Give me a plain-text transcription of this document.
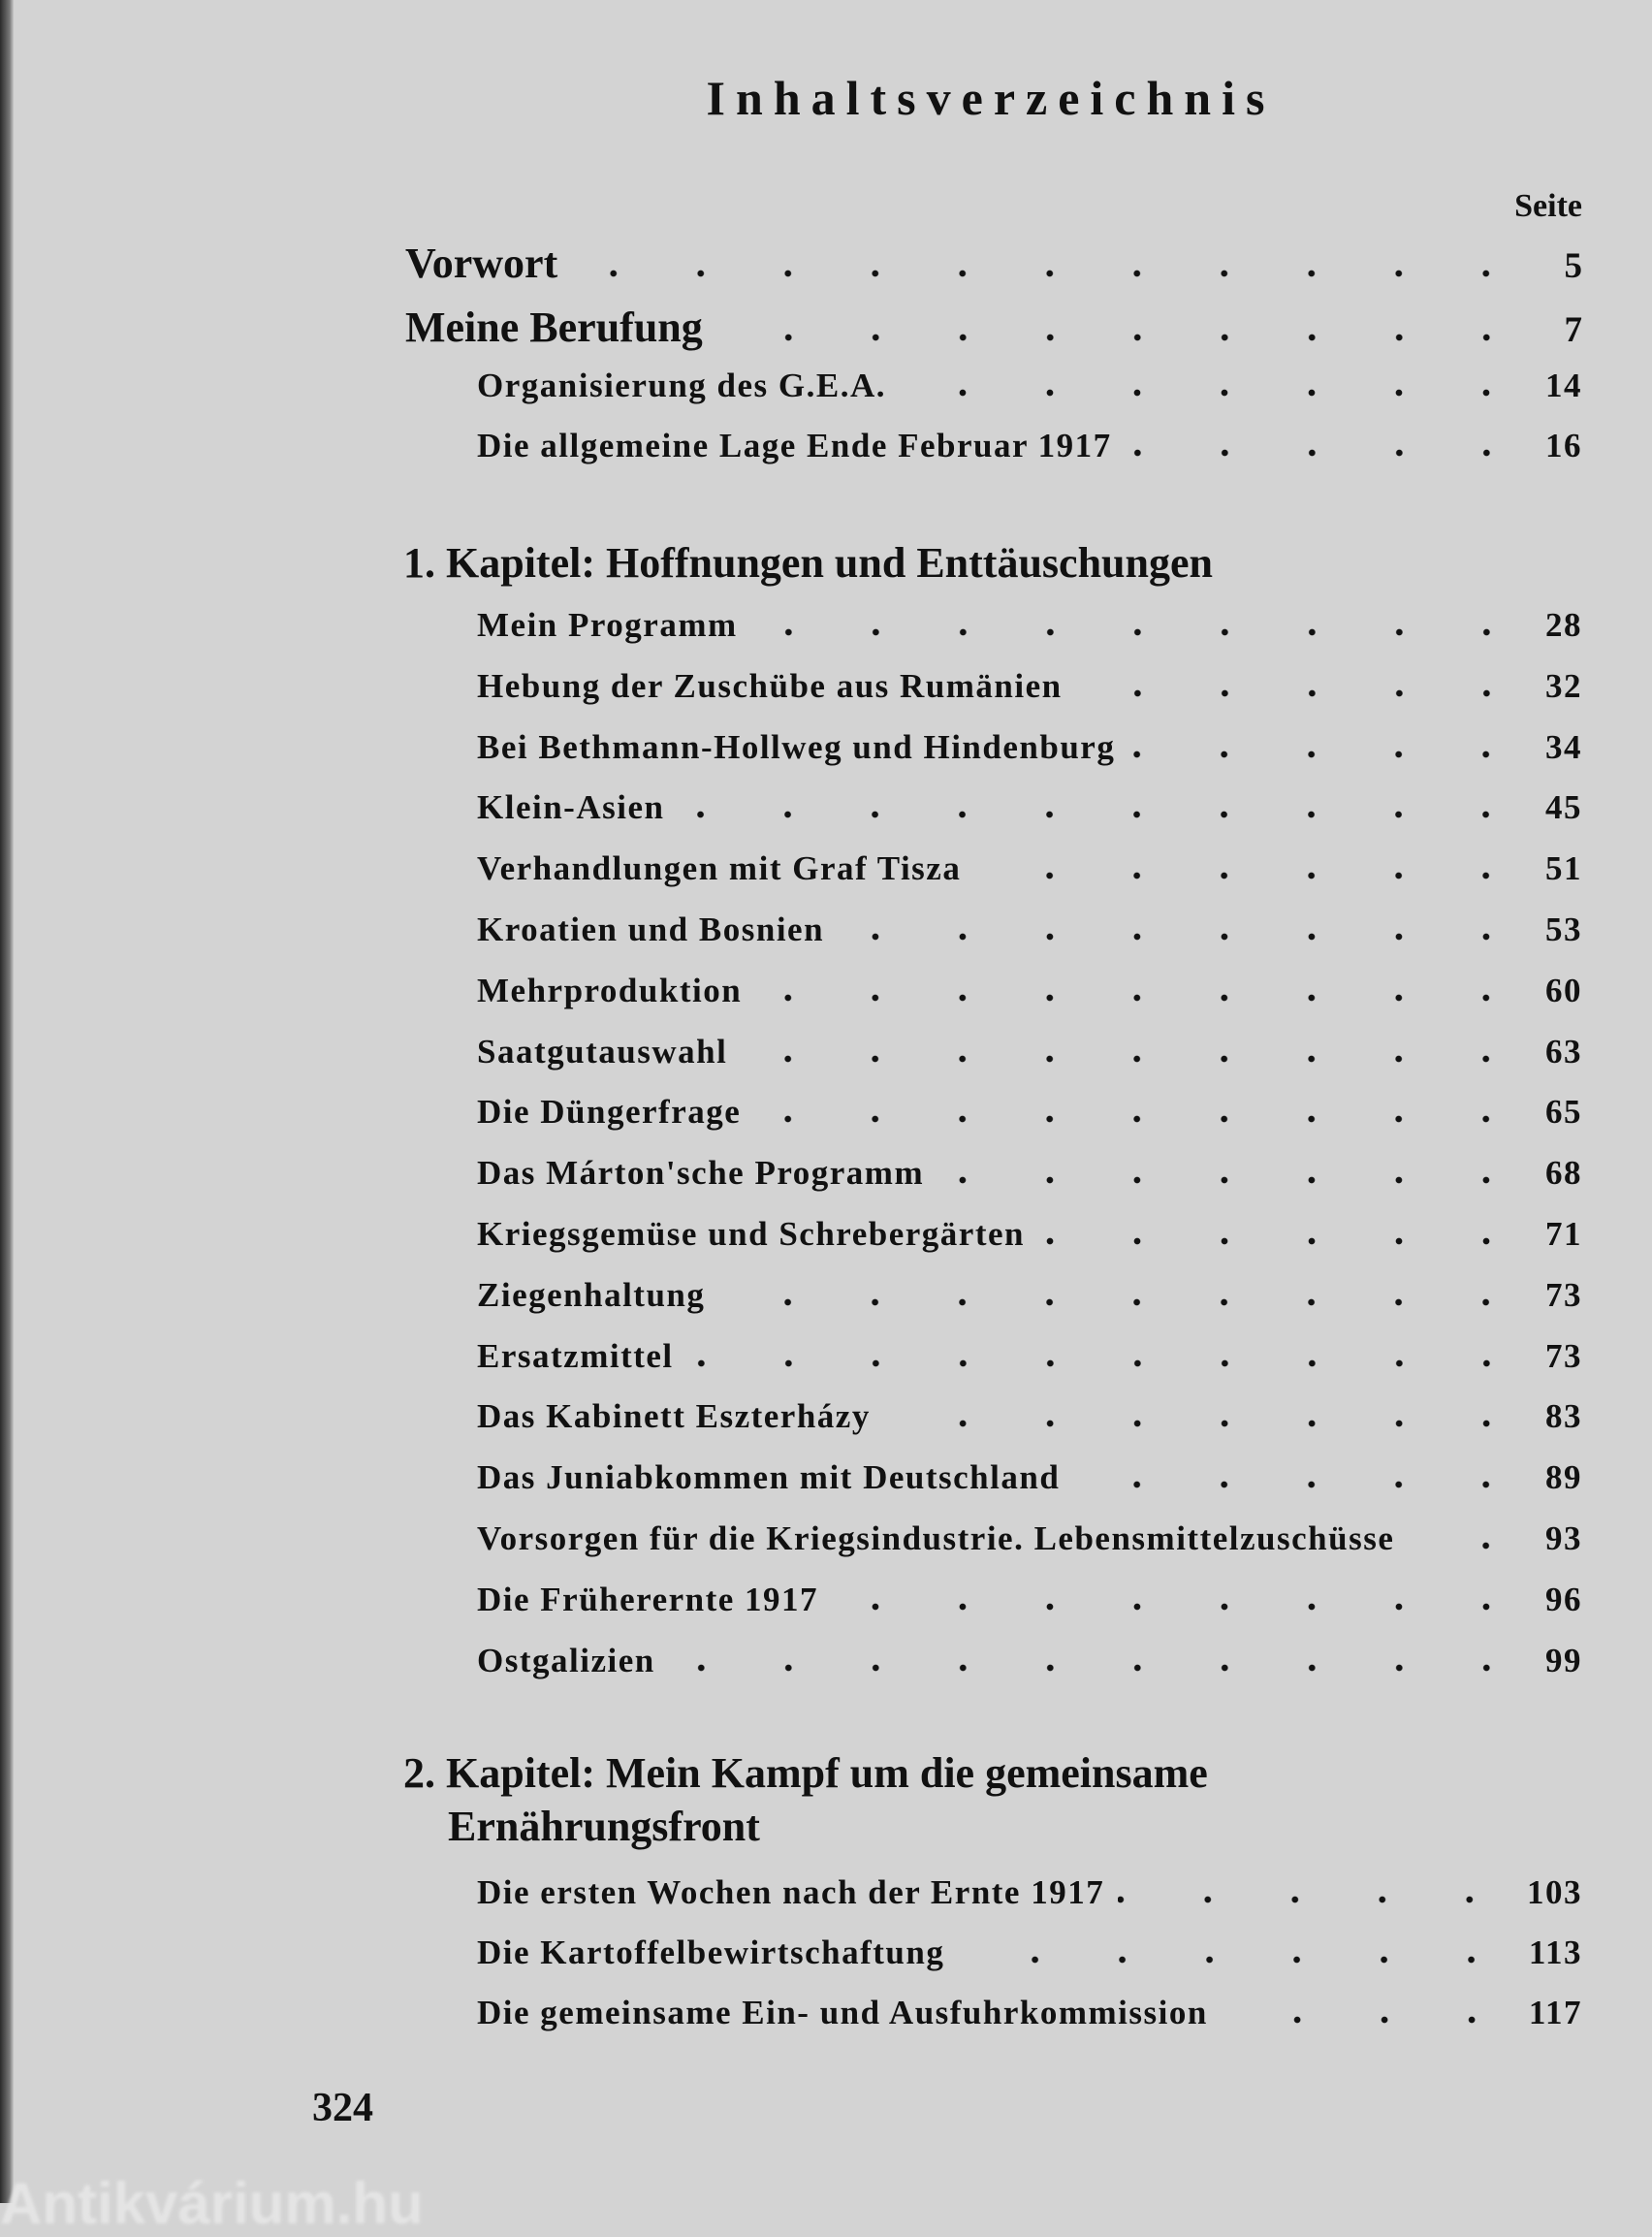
Inhaltsverzeichnis
Seite
Vorwort	5
Meine Berufung	7
Organisierung des G.E.A.	14
Die allgemeine Lage Ende Februar 1917	16
1. Kapitel: Hoffnungen und Enttäuschungen
Mein Programm	28
Hebung der Zuschübe aus Rumänien	32
Bei Bethmann-Hollweg und Hindenburg	34
Klein-Asien	45
Verhandlungen mit Graf Tisza	51
Kroatien und Bosnien	53
Mehrproduktion	60
Saatgutauswahl	63
Die Düngerfrage	65
Das Márton'sche Programm	68
Kriegsgemüse und Schrebergärten	71
Ziegenhaltung	73
Ersatzmittel	73
Das Kabinett Eszterházy	83
Das Juniabkommen mit Deutschland	89
Vorsorgen für die Kriegsindustrie. Lebensmittelzuschüsse	93
Die Früherernte 1917	96
Ostgalizien	99
2. Kapitel: Mein Kampf um die gemeinsame
Ernährungsfront
Die ersten Wochen nach der Ernte 1917	103
Die Kartoffelbewirtschaftung	113
Die gemeinsame Ein- und Ausfuhrkommission	117
324
Antikvárium.hu
